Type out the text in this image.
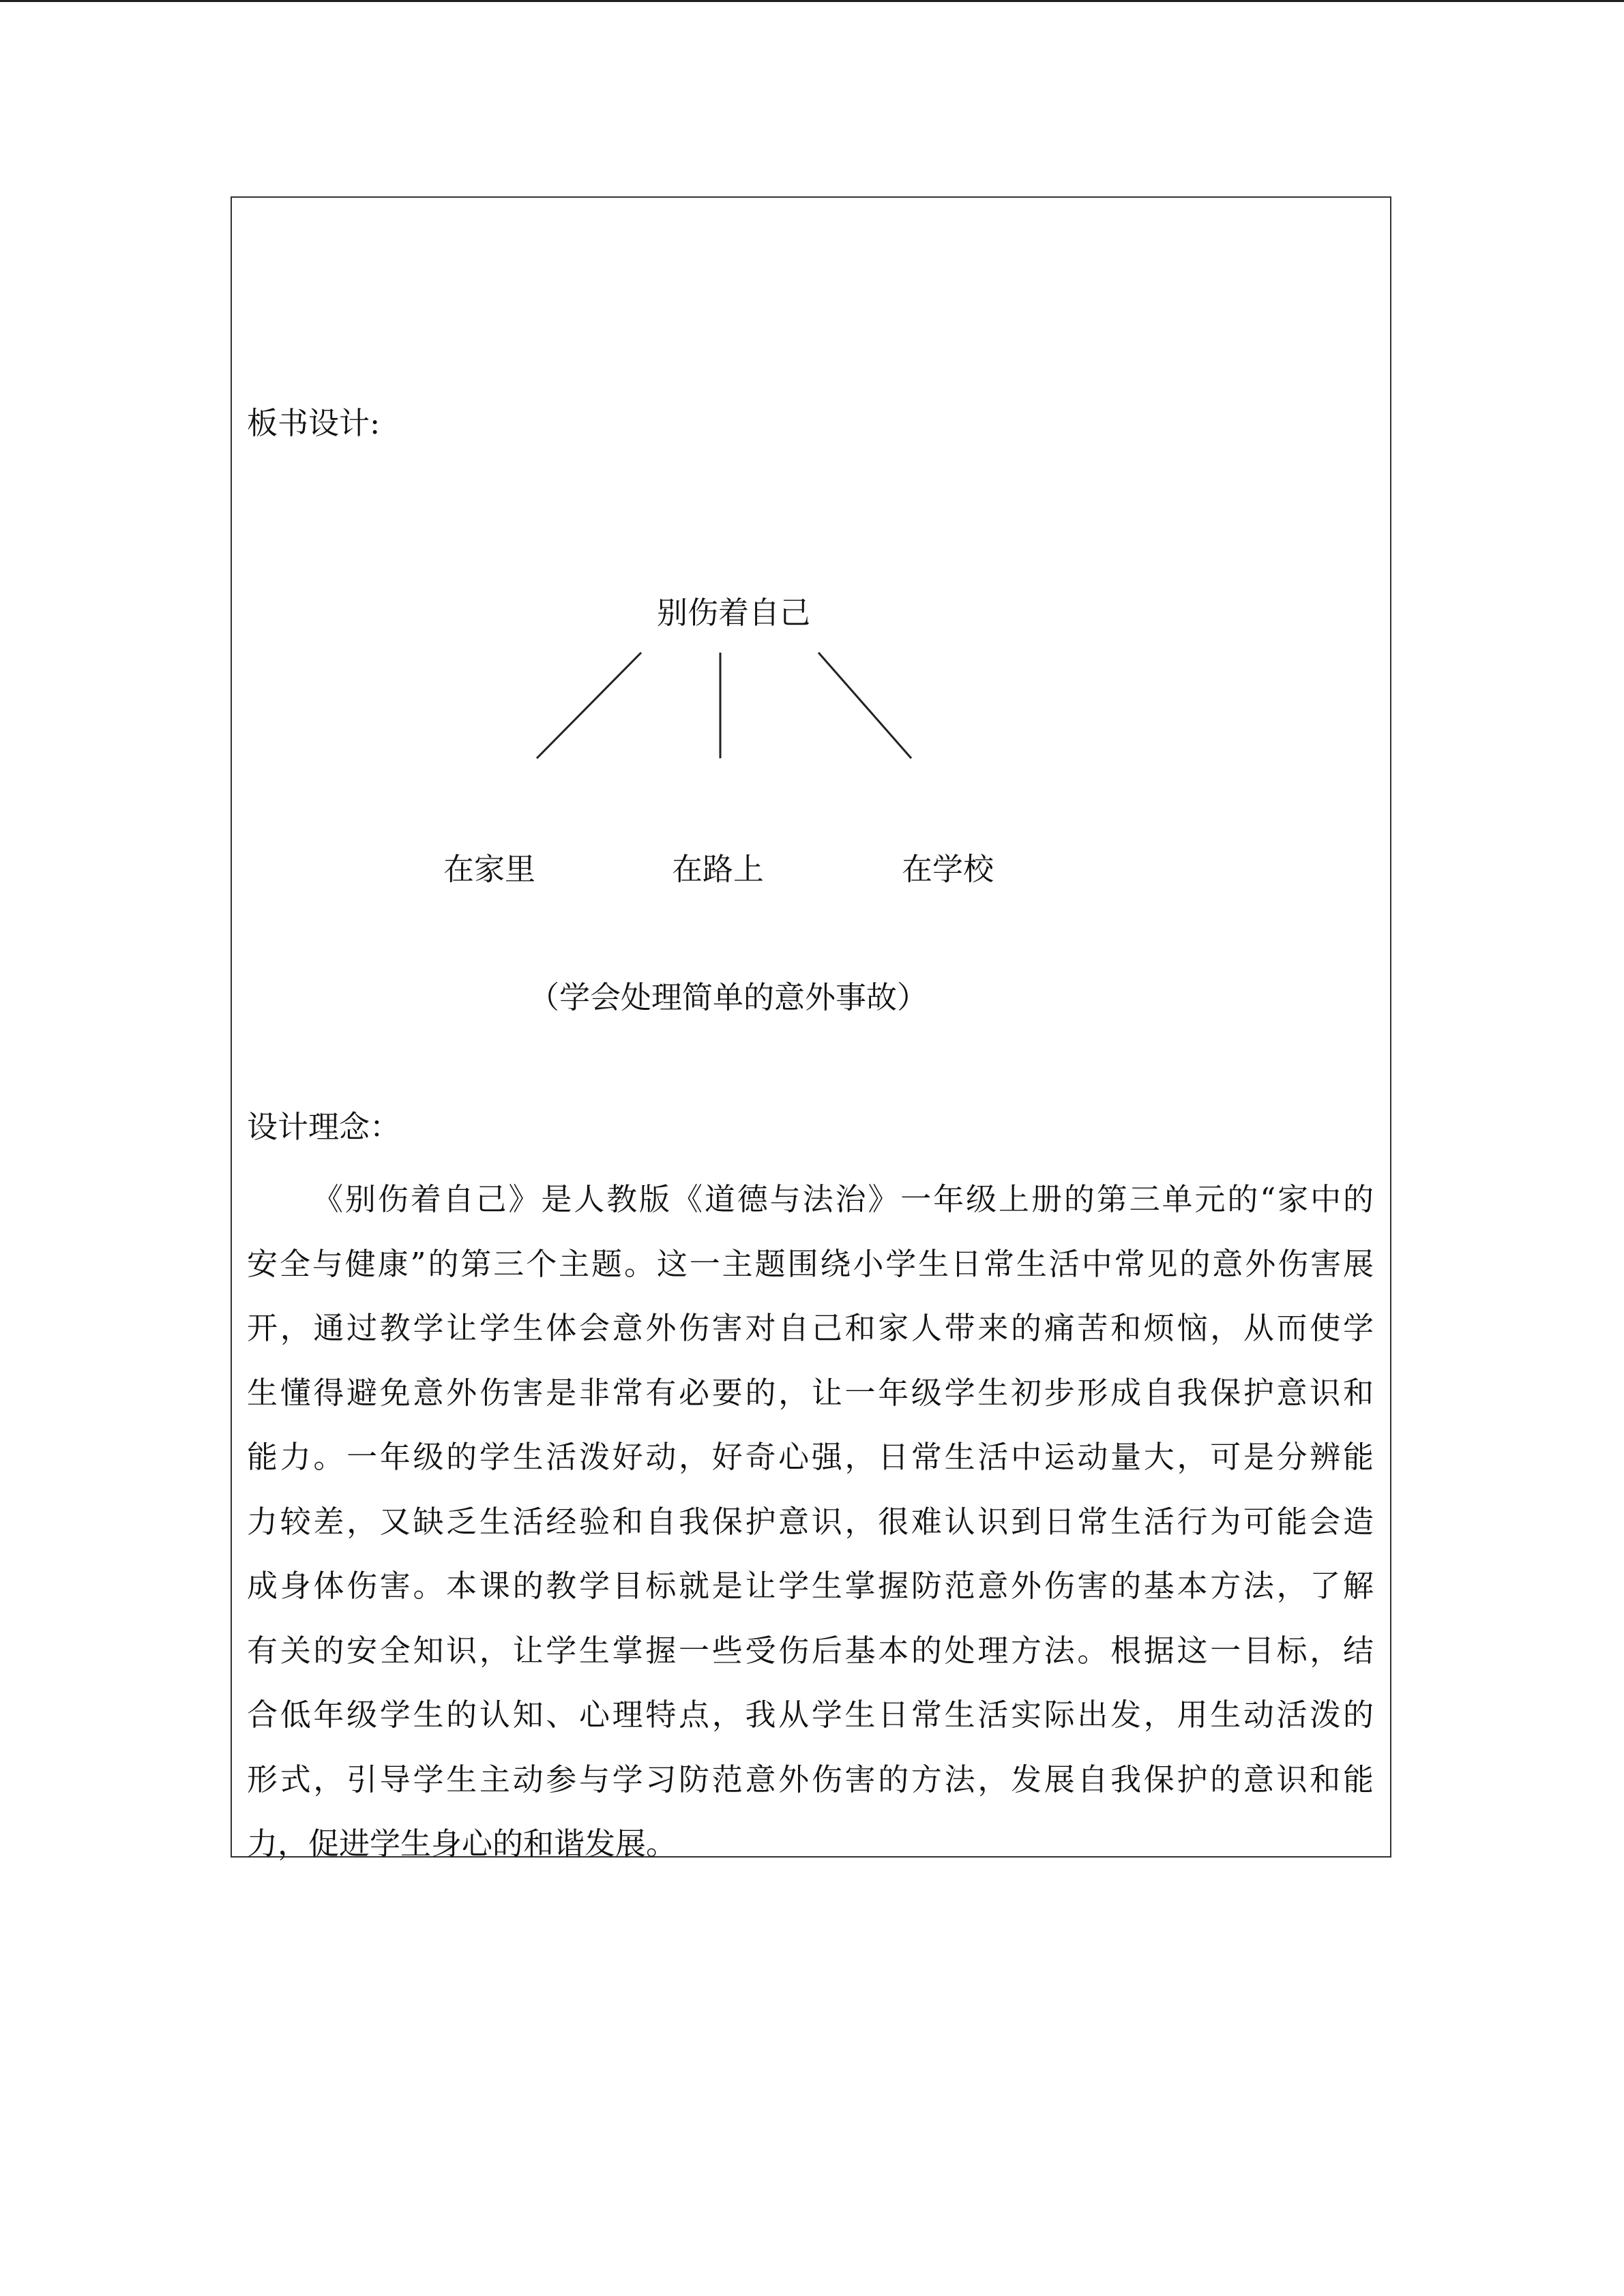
板书设计:
别伤着自己
在家里	在路上	在学校
（学会处理简单的意外事故）
设计理念：
《别伤着自己》是人教版《道德与法治》一年级上册的第三单元的“家中的
安全与健康”的第三个主题。这一主题围绕小学生日常生活中常见的意外伤害展
开，通过教学让学生体会意外伤害对自己和家人带来的痛苦和烦恼，从而使学
生懂得避免意外伤害是非常有必要的，让一年级学生初步形成自我保护意识和
能力。一年级的学生活泼好动，好奇心强，日常生活中运动量大，可是分辨能
力较差，又缺乏生活经验和自我保护意识，很难认识到日常生活行为可能会造
成身体伤害。本课的教学目标就是让学生掌握防范意外伤害的基本方法，了解
有关的安全知识，让学生掌握一些受伤后基本的处理方法。根据这一目标，结
合低年级学生的认知、心理特点，我从学生日常生活实际出发，用生动活泼的
形式，引导学生主动参与学习防范意外伤害的方法，发展自我保护的意识和能
力，促进学生身心的和谐发展。
